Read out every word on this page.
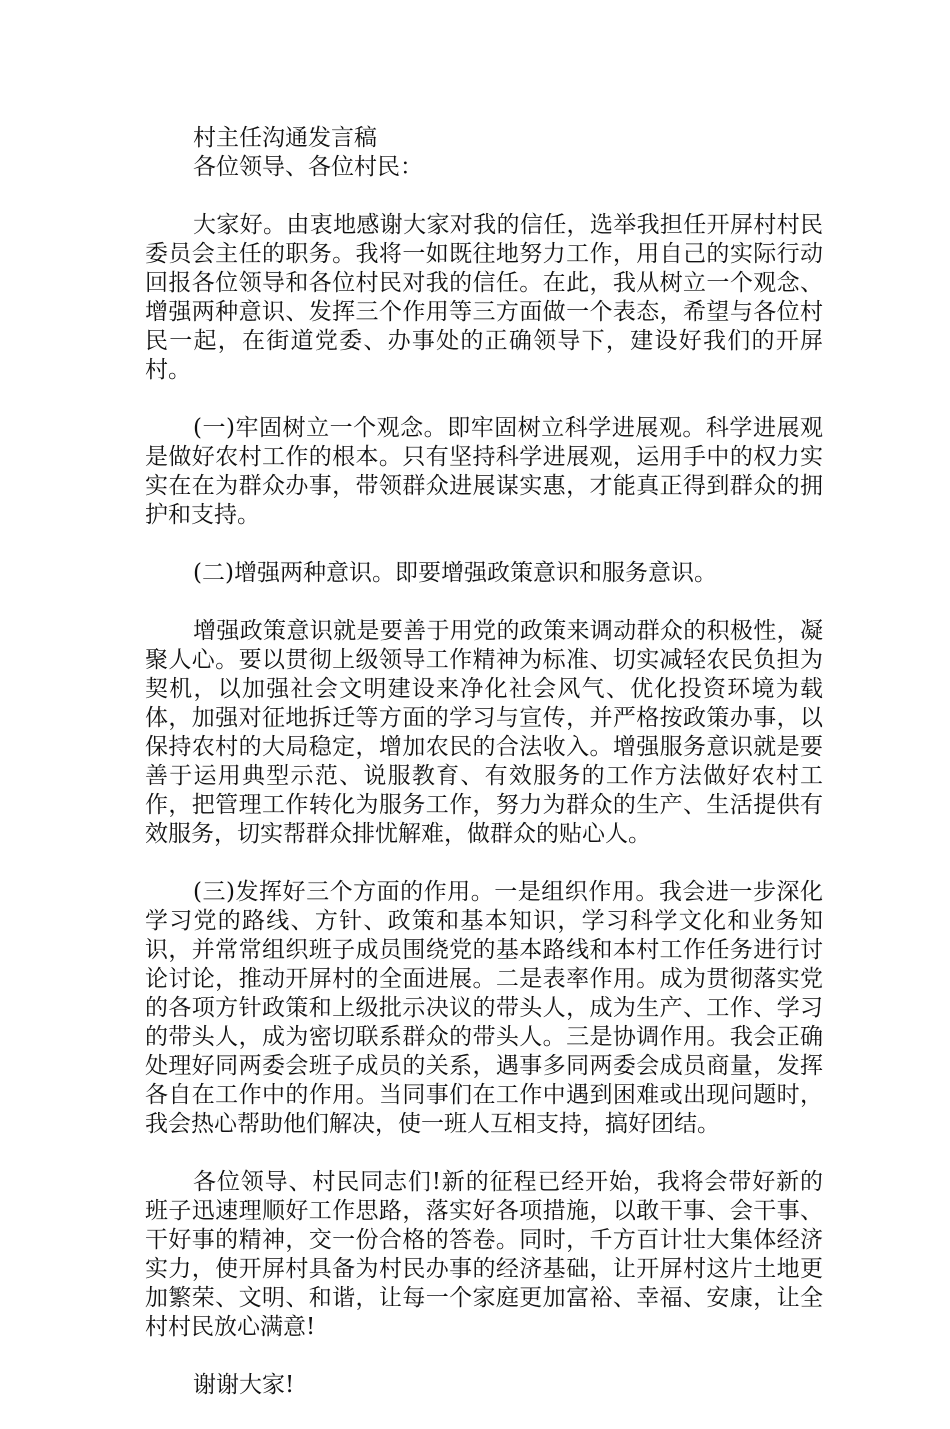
村主任沟通发言稿
各位领导、各位村民：

大家好。由衷地感谢大家对我的信任，选举我担任开屏村村民委员会主任的职务。我将一如既往地努力工作，用自己的实际行动回报各位领导和各位村民对我的信任。在此，我从树立一个观念、增强两种意识、发挥三个作用等三方面做一个表态，希望与各位村民一起，在街道党委、办事处的正确领导下，建设好我们的开屏村。

(一)牢固树立一个观念。即牢固树立科学进展观。科学进展观是做好农村工作的根本。只有坚持科学进展观，运用手中的权力实实在在为群众办事，带领群众进展谋实惠，才能真正得到群众的拥护和支持。

(二)增强两种意识。即要增强政策意识和服务意识。

增强政策意识就是要善于用党的政策来调动群众的积极性，凝聚人心。要以贯彻上级领导工作精神为标准、切实减轻农民负担为契机，以加强社会文明建设来净化社会风气、优化投资环境为载体，加强对征地拆迁等方面的学习与宣传，并严格按政策办事，以保持农村的大局稳定，增加农民的合法收入。增强服务意识就是要善于运用典型示范、说服教育、有效服务的工作方法做好农村工作，把管理工作转化为服务工作，努力为群众的生产、生活提供有效服务，切实帮群众排忧解难，做群众的贴心人。

(三)发挥好三个方面的作用。一是组织作用。我会进一步深化学习党的路线、方针、政策和基本知识，学习科学文化和业务知识，并常常组织班子成员围绕党的基本路线和本村工作任务进行讨论讨论，推动开屏村的全面进展。二是表率作用。成为贯彻落实党的各项方针政策和上级批示决议的带头人，成为生产、工作、学习的带头人，成为密切联系群众的带头人。三是协调作用。我会正确处理好同两委会班子成员的关系，遇事多同两委会成员商量，发挥各自在工作中的作用。当同事们在工作中遇到困难或出现问题时，我会热心帮助他们解决，使一班人互相支持，搞好团结。

各位领导、村民同志们!新的征程已经开始，我将会带好新的班子迅速理顺好工作思路，落实好各项措施，以敢干事、会干事、干好事的精神，交一份合格的答卷。同时，千方百计壮大集体经济实力，使开屏村具备为村民办事的经济基础，让开屏村这片土地更加繁荣、文明、和谐，让每一个家庭更加富裕、幸福、安康，让全村村民放心满意!

谢谢大家!
